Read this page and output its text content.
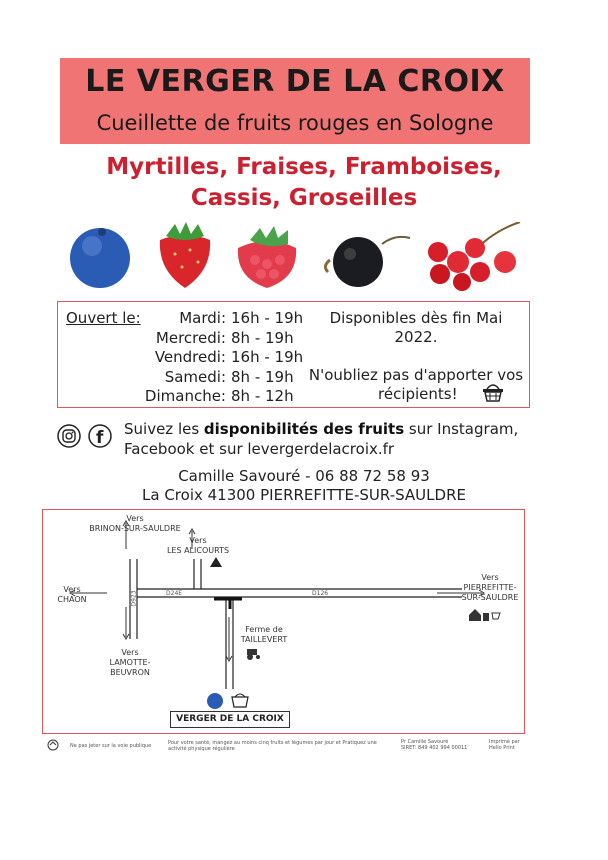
LE VERGER DE LA CROIX
Cueillette de fruits rouges en Sologne
Myrtilles, Fraises, Framboises,
Cassis, Groseilles
Ouvert le:	Mardi: 16h - 19h
Mercredi: 8h - 19h
Vendredi: 16h - 19h
Samedi: 8h - 19h
Dimanche: 8h - 12h
Disponibles dès fin Mai
2022.
N'oubliez pas d'apporter vos
récipients!
f Suivez les disponibilités des fruits sur Instagram,
Facebook et sur levergerdelacroix.fr
Camille Savouré - 06 88 72 58 93
La Croix 41300 PIERREFITTE-SUR-SAULDRE
D923	D24E	D126
Vers
BRINON-SUR-SAULDRE
Vers
LES ALICOURTS
Vers
CHAON
Vers
PIERREFITTE-
SUR-SAULDRE
Vers
LAMOTTE-
BEUVRON
Ferme de
TAILLEVERT
VERGER DE LA CROIX
Ne pas jeter sur la voie publique	Pour votre santé, mangez au moins cinq fruits et légumes par jour et Pratiquez une activité physique régulière
Pr Camille Savouré
SIRET: 849 402 994 00011
Imprimé par
Hello Print
